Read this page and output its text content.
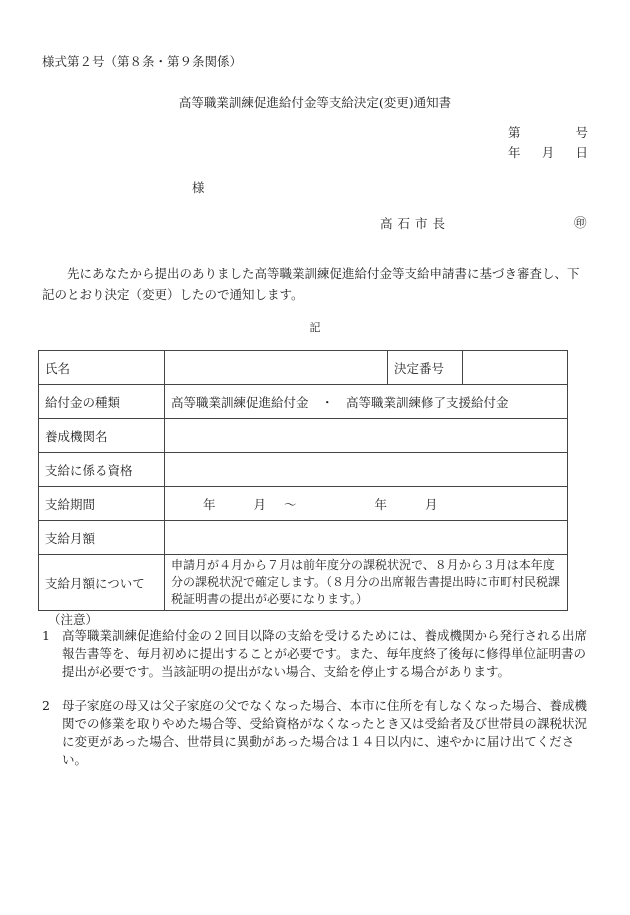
様式第２号（第８条・第９条関係）
高等職業訓練促進給付金等支給決定(変更)通知書
第	号
年 月 日
様
高石市長	㊞
先にあなたから提出のありました高等職業訓練促進給付金等支給申請書に基づき審査し、下記のとおり決定（変更）したので通知します。
記
氏名		決定番号	
給付金の種類	高等職業訓練促進給付金　・　高等職業訓練修了支援給付金		
養成機関名			
支給に係る資格			
支給期間	年 月 ～ 年 月		
支給月額			
支給月額について	申請月が４月から７月は前年度分の課税状況で、８月から３月は本年度分の課税状況で確定します。（８月分の出席報告書提出時に市町村民税課税証明書の提出が必要になります。）		
（注意）
1 高等職業訓練促進給付金の２回目以降の支給を受けるためには、養成機関から発行される出席報告書等を、毎月初めに提出することが必要です。また、毎年度終了後毎に修得単位証明書の提出が必要です。当該証明の提出がない場合、支給を停止する場合があります。
2 母子家庭の母又は父子家庭の父でなくなった場合、本市に住所を有しなくなった場合、養成機関での修業を取りやめた場合等、受給資格がなくなったとき又は受給者及び世帯員の課税状況に変更があった場合、世帯員に異動があった場合は１４日以内に、速やかに届け出てください。
